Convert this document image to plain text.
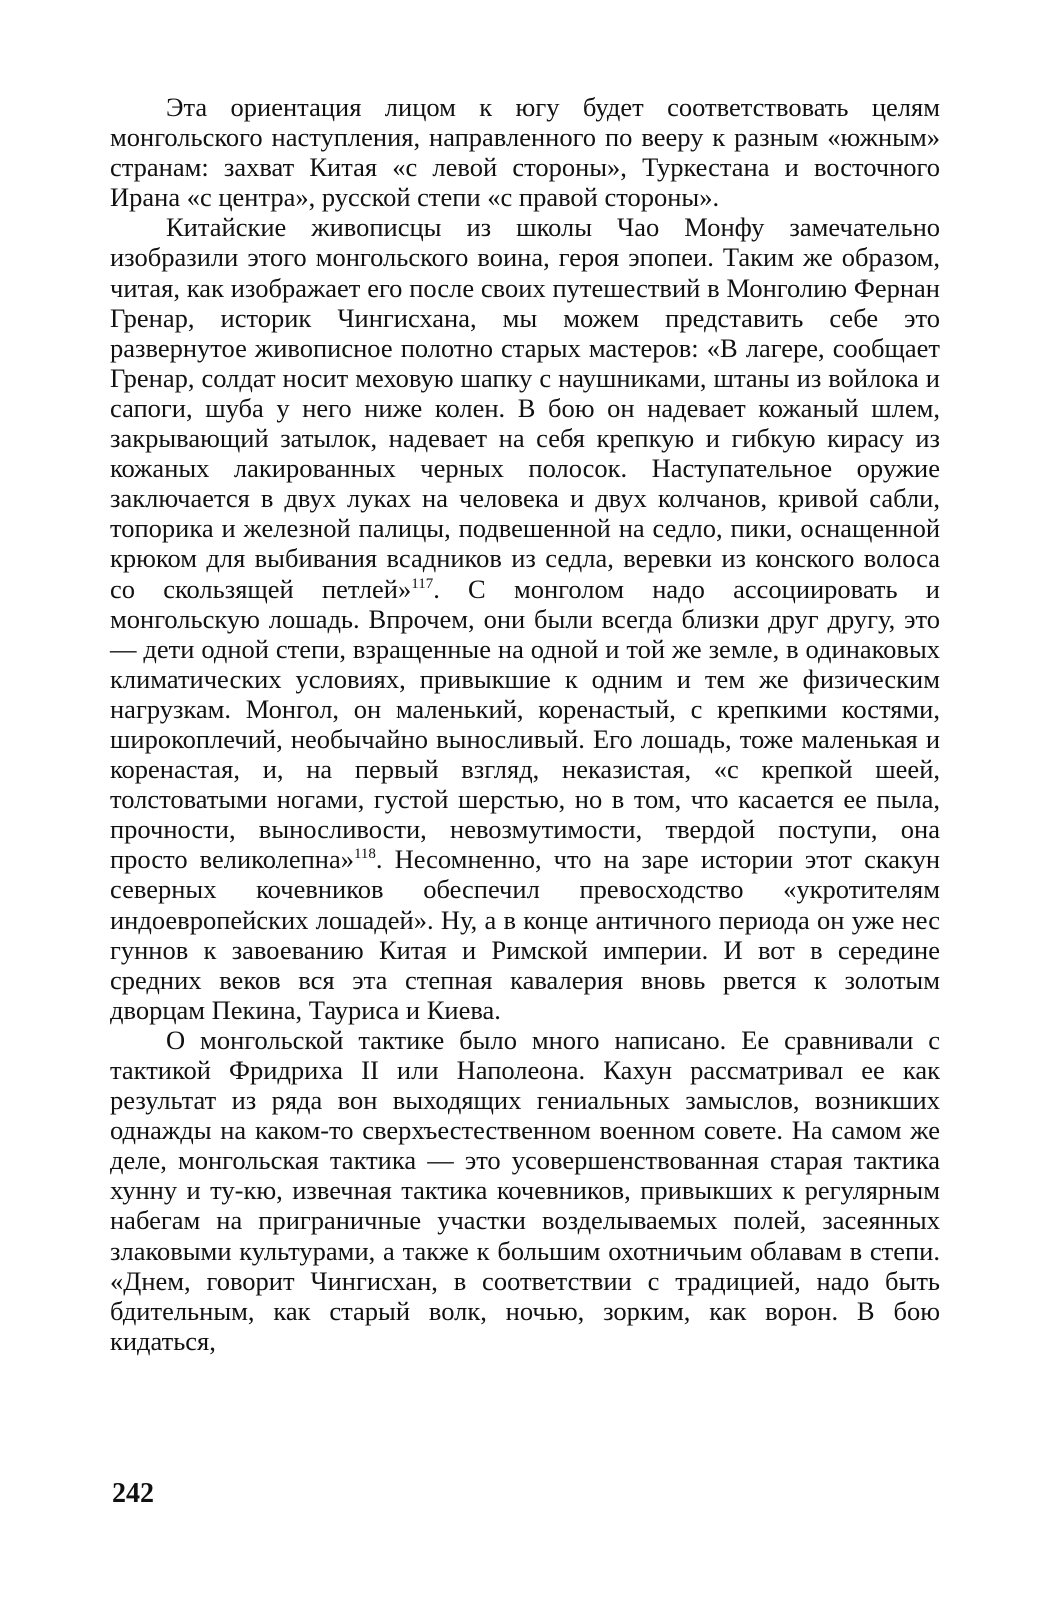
Эта ориентация лицом к югу будет соответствовать целям монгольского наступления, направленного по вееру к разным «южным» странам: захват Китая «с левой стороны», Туркестана и восточного Ирана «с центра», русской степи «с правой стороны».

Китайские живописцы из школы Чао Монфу замечательно изобразили этого монгольского воина, героя эпопеи. Таким же образом, читая, как изображает его после своих путешествий в Монголию Фернан Гренар, историк Чингисхана, мы можем представить себе это развернутое живописное полотно старых мастеров: «В лагере, сообщает Гренар, солдат носит меховую шапку с наушниками, штаны из войлока и сапоги, шуба у него ниже колен. В бою он надевает кожаный шлем, закрывающий затылок, надевает на себя крепкую и гибкую кирасу из кожаных лакированных черных полосок. Наступательное оружие заключается в двух луках на человека и двух колчанов, кривой сабли, топорика и железной палицы, подвешенной на седло, пики, оснащенной крюком для выбивания всадников из седла, веревки из конского волоса со скользящей петлей»$^{117}$. С монголом надо ассоциировать и монгольскую лошадь. Впрочем, они были всегда близки друг другу, это — дети одной степи, взращенные на одной и той же земле, в одинаковых климатических условиях, привыкшие к одним и тем же физическим нагрузкам. Монгол, он маленький, коренастый, с крепкими костями, широкоплечий, необычайно выносливый. Его лошадь, тоже маленькая и коренастая, и, на первый взгляд, неказистая, «с крепкой шеей, толстоватыми ногами, густой шерстью, но в том, что касается ее пыла, прочности, выносливости, невозмутимости, твердой поступи, она просто великолепна»$^{118}$. Несомненно, что на заре истории этот скакун северных кочевников обеспечил превосходство «укротителям индоевропейских лошадей». Ну, а в конце античного периода он уже нес гуннов к завоеванию Китая и Римской империи. И вот в середине средних веков вся эта степная кавалерия вновь рвется к золотым дворцам Пекина, Тауриса и Киева.

О монгольской тактике было много написано. Ее сравнивали с тактикой Фридриха II или Наполеона. Кахун рассматривал ее как результат из ряда вон выходящих гениальных замыслов, возникших однажды на каком-то сверхъестественном военном совете. На самом же деле, монгольская тактика — это усовершенствованная старая тактика хунну и ту-кю, извечная тактика кочевников, привыкших к регулярным набегам на приграничные участки возделываемых полей, засеянных злаковыми культурами, а также к большим охотничьим облавам в степи. «Днем, говорит Чингисхан, в соответствии с традицией, надо быть бдительным, как старый волк, ночью, зорким, как ворон. В бою кидаться,

242
